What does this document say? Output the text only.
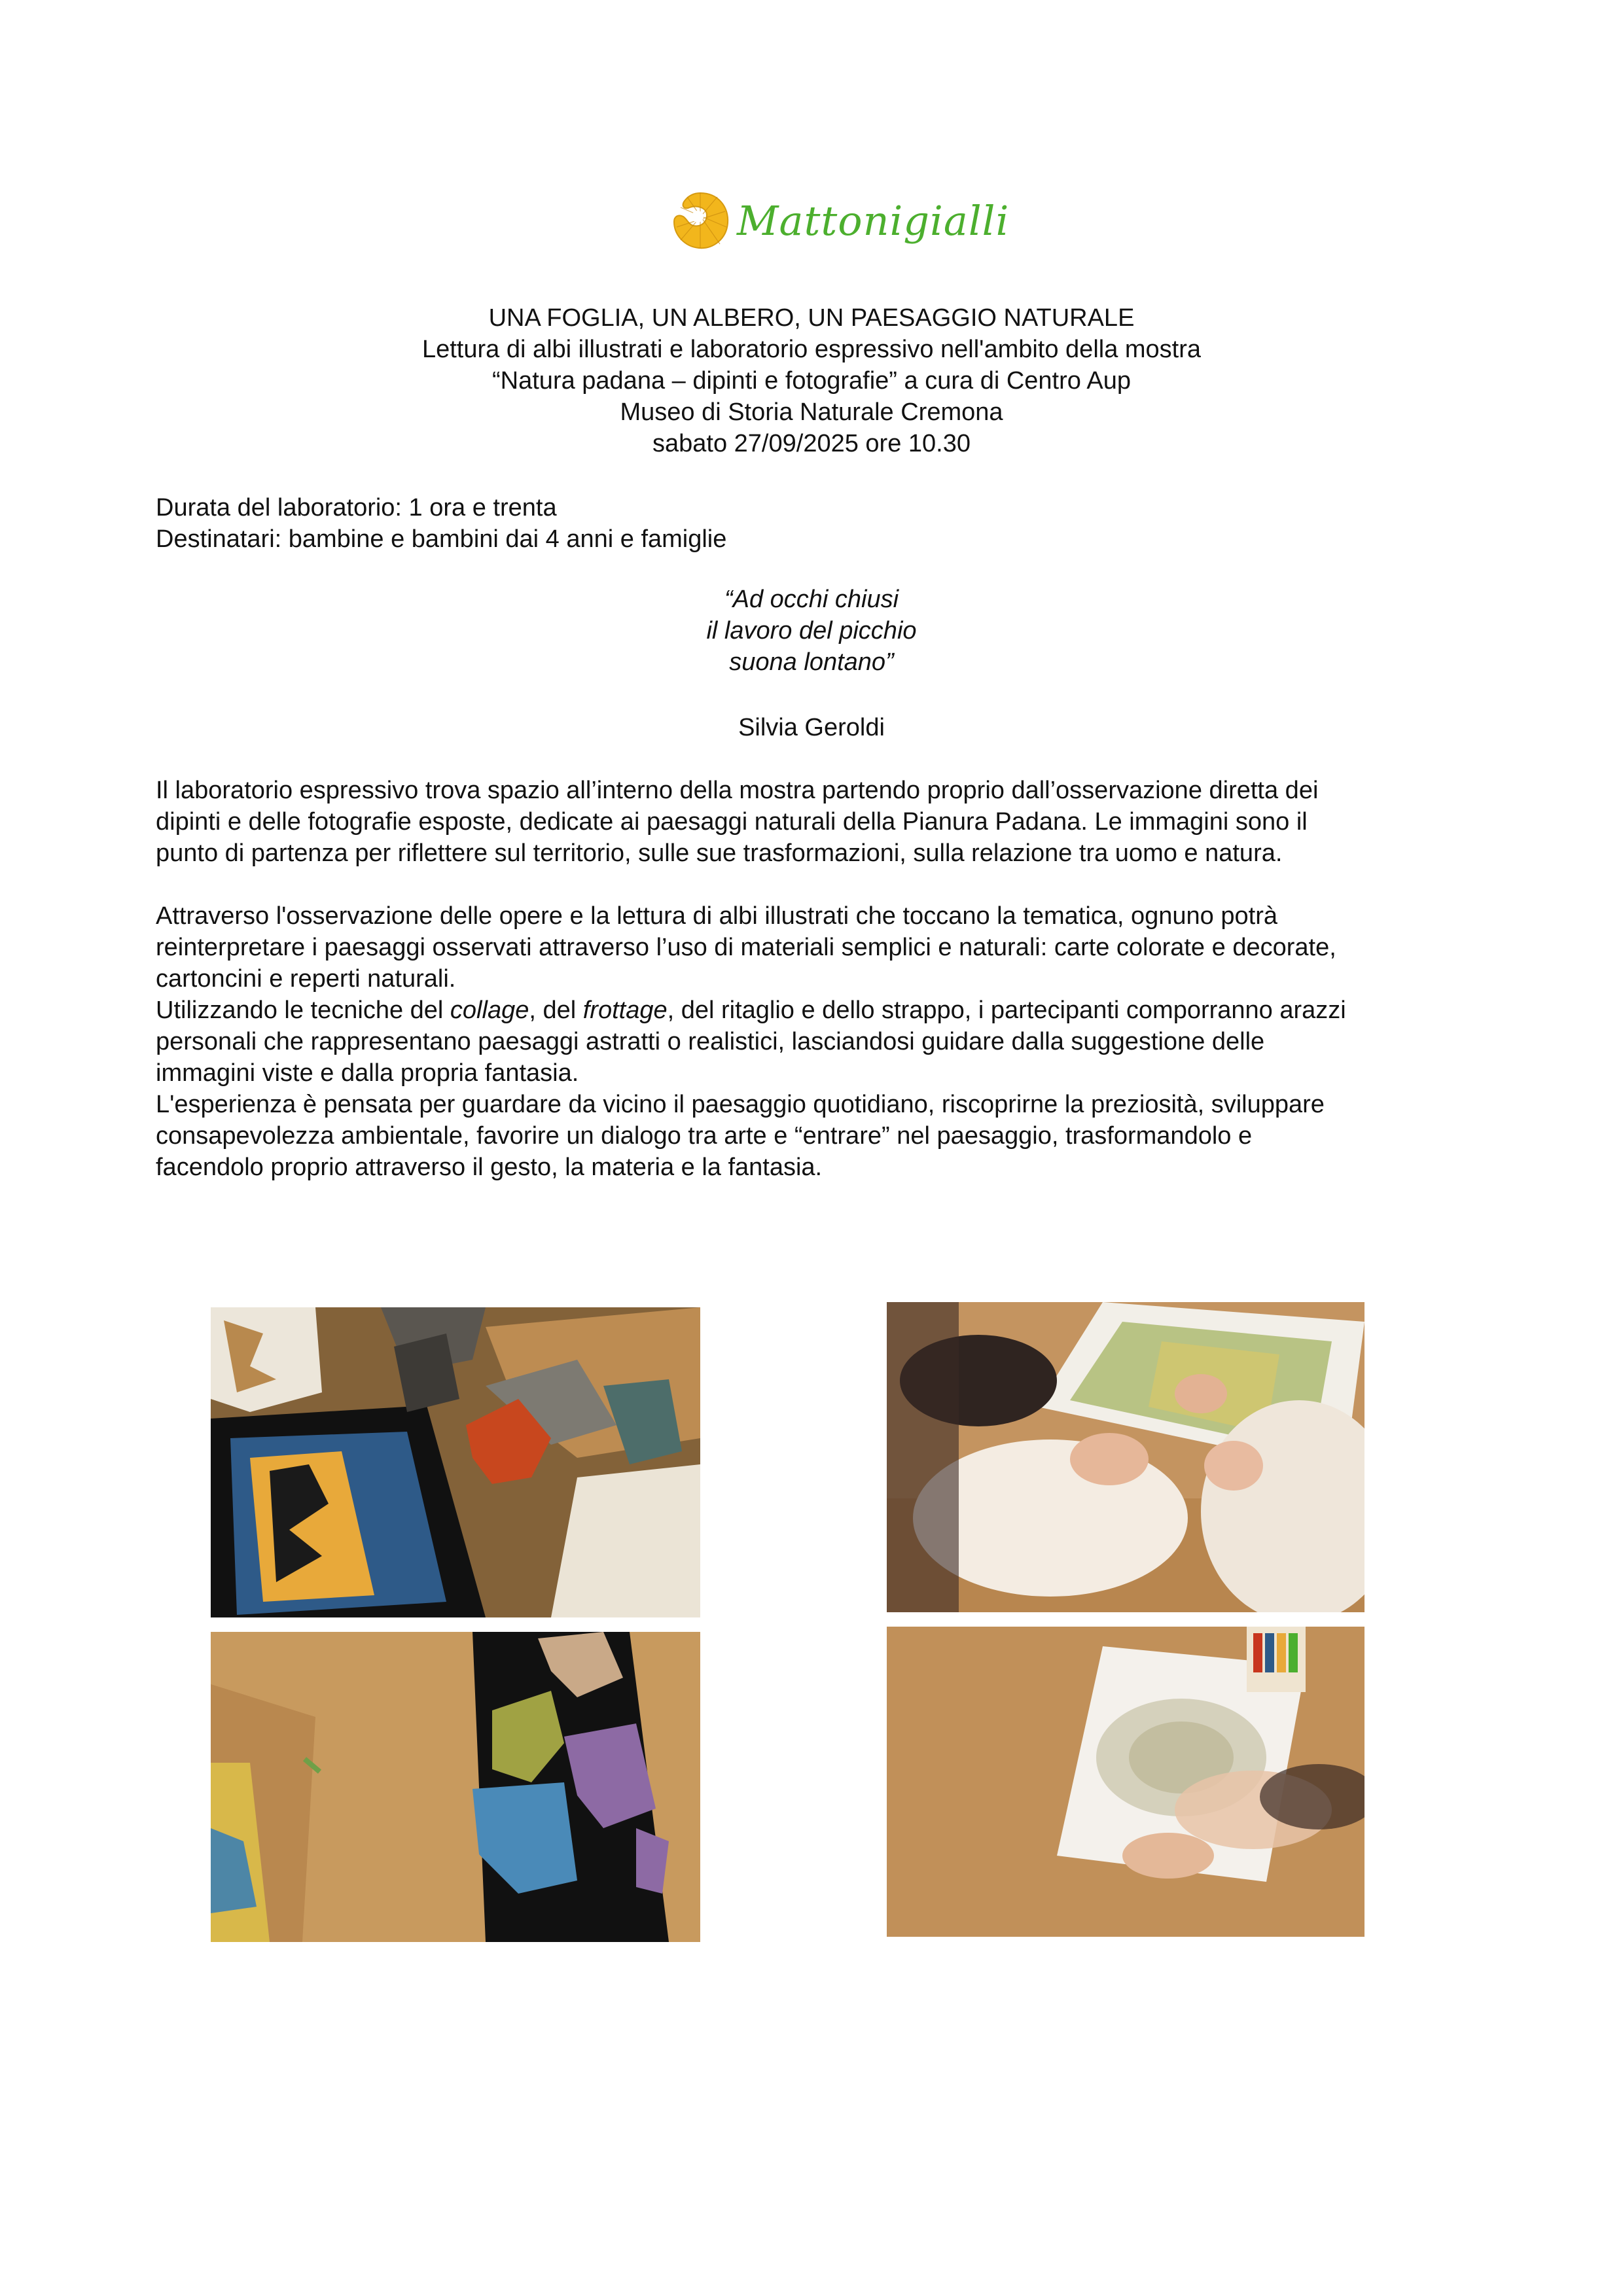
Mattonigialli
UNA FOGLIA, UN ALBERO, UN PAESAGGIO NATURALE
Lettura di albi illustrati e laboratorio espressivo nell'ambito della mostra
“Natura padana – dipinti e fotografie” a cura di Centro Aup
Museo di Storia Naturale Cremona
sabato 27/09/2025 ore 10.30
Durata del laboratorio: 1 ora e trenta
Destinatari: bambine e bambini dai 4 anni e famiglie
“Ad occhi chiusi
il lavoro del picchio
suona lontano”
Silvia Geroldi
Il laboratorio espressivo trova spazio all’interno della mostra partendo proprio dall’osservazione diretta dei
dipinti e delle fotografie esposte, dedicate ai paesaggi naturali della Pianura Padana. Le immagini sono il
punto di partenza per riflettere sul territorio, sulle sue trasformazioni, sulla relazione tra uomo e natura.
Attraverso l'osservazione delle opere e la lettura di albi illustrati che toccano la tematica, ognuno potrà
reinterpretare i paesaggi osservati attraverso l’uso di materiali semplici e naturali: carte colorate e decorate,
cartoncini e reperti naturali.
Utilizzando le tecniche del collage, del frottage, del ritaglio e dello strappo, i partecipanti comporranno arazzi
personali che rappresentano paesaggi astratti o realistici, lasciandosi guidare dalla suggestione delle
immagini viste e dalla propria fantasia.
L'esperienza è pensata per guardare da vicino il paesaggio quotidiano, riscoprirne la preziosità, sviluppare
consapevolezza ambientale, favorire un dialogo tra arte e “entrare” nel paesaggio, trasformandolo e
facendolo proprio attraverso il gesto, la materia e la fantasia.
